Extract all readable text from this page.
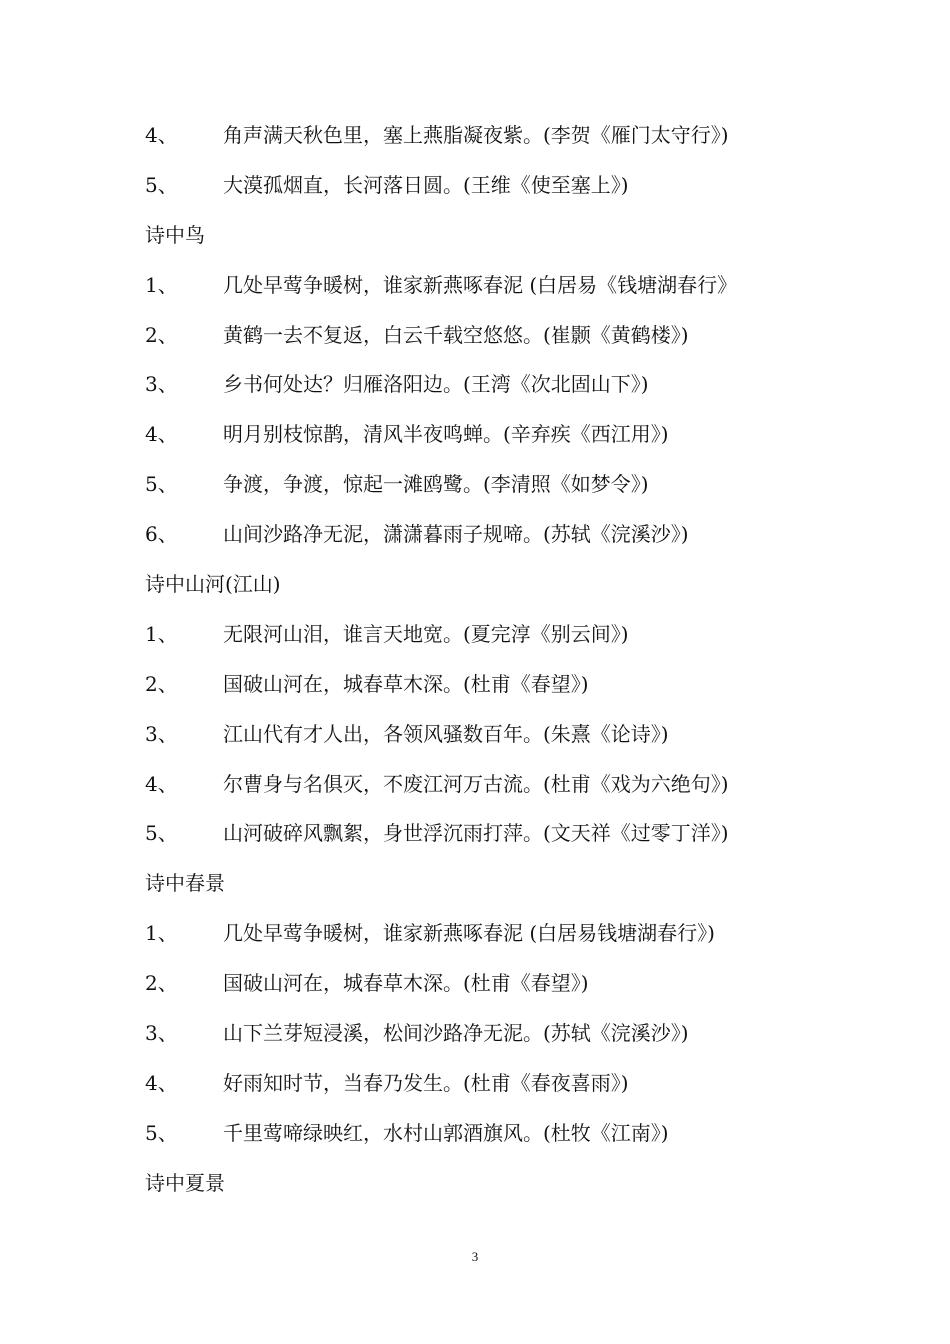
4、 角声满天秋色里，塞上燕脂凝夜紫。(李贺《雁门太守行》)
5、 大漠孤烟直，长河落日圆。(王维《使至塞上》)
诗中鸟
1、 几处早莺争暖树，谁家新燕啄春泥 (白居易《钱塘湖春行》
2、 黄鹤一去不复返，白云千载空悠悠。(崔颢《黄鹤楼》)
3、 乡书何处达？归雁洛阳边。(王湾《次北固山下》)
4、 明月别枝惊鹊，清风半夜鸣蝉。(辛弃疾《西江用》)
5、 争渡，争渡，惊起一滩鸥鹭。(李清照《如梦令》)
6、 山间沙路净无泥，潇潇暮雨子规啼。(苏轼《浣溪沙》)
诗中山河(江山)
1、 无限河山泪，谁言天地宽。(夏完淳《别云间》)
2、 国破山河在，城春草木深。(杜甫《春望》)
3、 江山代有才人出，各领风骚数百年。(朱熹《论诗》)
4、 尔曹身与名俱灭，不废江河万古流。(杜甫《戏为六绝句》)
5、 山河破碎风飘絮，身世浮沉雨打萍。(文天祥《过零丁洋》)
诗中春景
1、 几处早莺争暖树，谁家新燕啄春泥 (白居易钱塘湖春行》)
2、 国破山河在，城春草木深。(杜甫《春望》)
3、 山下兰芽短浸溪，松间沙路净无泥。(苏轼《浣溪沙》)
4、 好雨知时节，当春乃发生。(杜甫《春夜喜雨》)
5、 千里莺啼绿映红，水村山郭酒旗风。(杜牧《江南》)
诗中夏景
3
